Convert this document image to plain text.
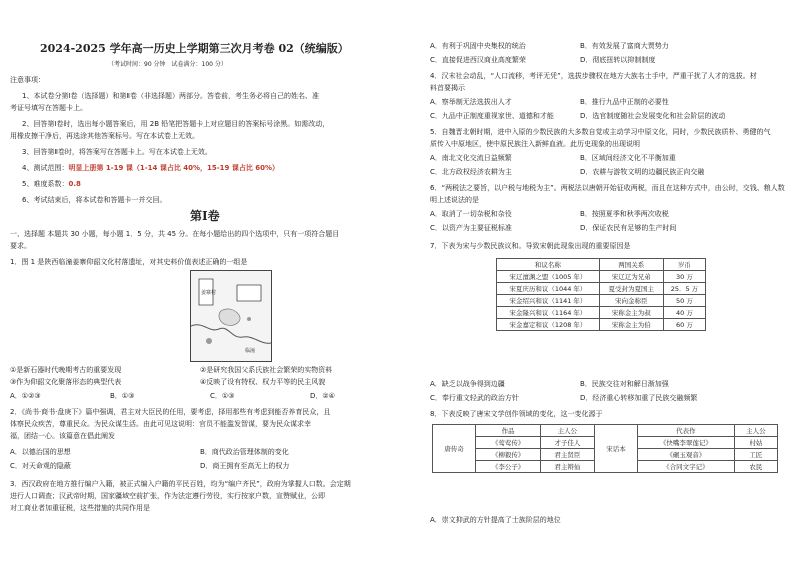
2024-2025 学年高一历史上学期第三次月考卷 02（统编版）
（考试时间：90 分钟　试卷满分：100 分）
注意事项：
1、本试卷分第Ⅰ卷（选择题）和第Ⅱ卷（非选择题）两部分。答卷前，考生务必将自己的姓名、准
考证号填写在答题卡上。
2、回答第Ⅰ卷时，选出每小题答案后，用 2B 铅笔把答题卡上对应题目的答案标号涂黑。如需改动，
用橡皮擦干净后，再选涂其他答案标号。写在本试卷上无效。
3、回答第Ⅱ卷时，将答案写在答题卡上。写在本试卷上无效。
4、测试范围：明显上册第 1-19 课（1-14 课占比 40%，15-19 课占比 60%）
5、难度系数：0.8
6、考试结束后，将本试卷和答题卡一并交回。
第Ⅰ卷
一、选择题 本题共 30 小题，每小题 1．5 分，共 45 分。在每小题给出的四个选项中，只有一项符合题目
要求。
1．图 1 是陕西临潼姜寨仰韶文化村落遗址，对其史料价值表述正确的一组是
姜寨村
临潼
①是新石器时代晚期考古的重要发现	②是研究我国父系氏族社会繁荣的实物资料
③作为仰韶文化聚落形态的典型代表	④反映了设有特权、权力平等的民主风貌
A．①②③	B．①③	C．①③	D．②④
2．《尚书·商书·盘庚下》篇中强调，君主对大臣民的任用，要考虑，择用那些有考虑到能否养育民众，且
体察民众疾苦，尊重民众。为民众谋生活。由此可见这说明：官员不能滥发智谋，要为民众谋求幸
福，团结一心。该篇意在倡此阐发
A．以德治国的思想	B．商代政治管理体制的变化
C．对天命观的隐蔽	D．商王拥有至高无上的权力
3．西汉政府在地方推行编户入籍，被正式编入户籍的平民百姓，均为“编户齐民”，政府为掌握人口数。会定期
进行人口调查；汉武帝时期，国家疆域空前扩张，作为法定遵行劳役，实行按家户数，宣赞赋业，公即
对工商业者加重征税，这些措施的共同作用是
A．有利于巩固中央集权的统治	B．有效发展了富商大贾势力
C．直接促进西汉商业高度繁荣	D．彻底扭转以抑制制度
4．汉末社会动乱，“人口流移，考评无凭”，选拔步骤权在地方大族名士手中，严重干扰了人才的选拔。材
料首要揭示
A．察举制无法选拔出人才	B．推行九品中正制的必要性
C．九品中正制度重视家世、道德和才能	D．选官制度随社会发展变化和社会阶层的波动
5．自魏晋北朝时期，进中入原的少数民族的大多数自觉或主动学习中原文化，同时，少数民族质朴、勇健的气
质传入中原地区，使中原民族注入新鲜血液。此历史现象的出现说明
A．南北文化交流日益频繁	B．区域间经济文化不平衡加重
C．北方政权经济农耕为主	D．农耕与游牧文明的边疆民族正向交融
6．“两税法之要旨，以户税与地税为主”。两税法以唐朝开始征收两税，而且在这种方式中，由公时，交钱、粮人数
明上述说法的是
A．取消了一切杂税和杂役	B．按照夏季和秋季两次收税
C．以资产为主要征税标准	D．保证农民有足够的生产时间
7．下表为宋与少数民族议和。导致宋朝此现象出现的重要原因是
和议名称	两国关系	岁币
宋辽澶渊之盟（1005 年）	宋辽辽为兄弟	30 万
宋夏庆历和议（1044 年）	夏受封为夏国主	25．5 万
宋金绍兴和议（1141 年）	宋向金称臣	50 万
宋金隆兴和议（1164 年）	宋称金主为叔	40 万
宋金嘉定和议（1208 年）	宋称金主为伯	60 万
A．缺乏以战争得到边疆	B．民族交往对和解日渐加强
C．奉行重文轻武的政治方针	D．经济重心转移加重了民族交融频繁
8．下表反映了唐宋文学创作领域的变化，这一变化源于
唐传奇	作品	主人公	宋话本	代表作	主人公
	《莺莺传》	才子佳人		《快嘴李翠莲记》	村姑
	《柳毅传》	君主贤臣		《碾玉观音》	工匠
	《李公子》	君主辩仙		《合同文字记》	农民
A．崇文抑武的方针提高了士族阶层的地位
